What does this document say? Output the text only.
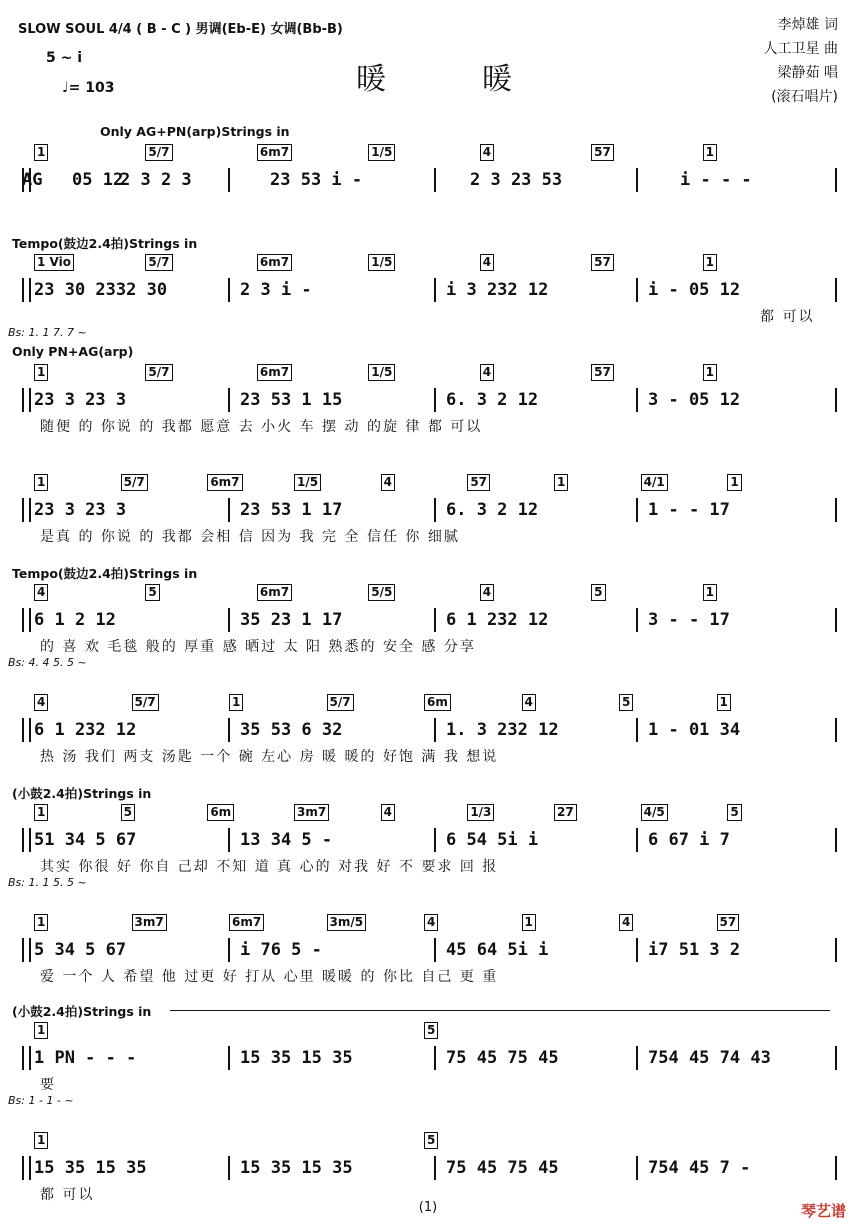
SLOW SOUL 4/4 ( B - C ) 男调(Eb-E) 女调(Bb-B)
5 ~ i
♩= 103	暖	暖
李焯雄 词
人工卫星 曲
梁静茹 唱
(滚石唱片)
Only AG+PN(arp)Strings in
1	5/7	6m7	1/5	4	57	1
AG 05 12
2 3 2 3	23 53 i -	2 3 23 53	i - - -
Tempo(鼓边2.4拍)Strings in
1 Vio	5/7	6m7	1/5	4	57	1
23 30 2332 30	2 3 i -	i 3 232 12	i - 05 12
都 可以
Bs: 1. 1 7. 7 ~
Only PN+AG(arp)
1	5/7	6m7	1/5	4	57	1
23 3 23 3	23 53 1 15	6. 3 2 12	3 - 05 12
随便 的 你说 的 我都 愿意 去 小火 车 摆 动 的旋 律 都 可以
1	5/7	6m7	1/5	4	57	1	4/1	1
23 3 23 3	23 53 1 17	6. 3 2 12	1 - - 17
是真 的 你说 的 我都 会相 信 因为 我 完 全 信任 你 细腻
Tempo(鼓边2.4拍)Strings in
4	5	6m7	5/5	4	5	1
6 1 2 12	35 23 1 17	6 1 232 12	3 - - 17
的 喜 欢 毛毯 般的 厚重 感 晒过 太 阳 熟悉的 安全 感 分享
Bs: 4. 4 5. 5 ~
4	5/7	1	5/7	6m	4	5	1
6 1 232 12	35 53 6 32	1. 3 232 12	1 - 01 34
热 汤 我们 两支 汤匙 一个 碗 左心 房 暖 暖的 好饱 满 我 想说
(小鼓2.4拍)Strings in
1	5	6m	3m7	4	1/3	27	4/5	5
51 34 5 67	13 34 5 -	6 54 5i i	6 67 i 7
其实 你很 好 你自 己却 不知 道 真 心的 对我 好 不 要求 回 报
Bs: 1. 1 5. 5 ~
1	3m7	6m7	3m/5	4	1	4	57
5 34 5 67	i 76 5 -	45 64 5i i	i7 51 3 2
爱 一个 人 希望 他 过更 好 打从 心里 暖暖 的 你比 自己 更 重
(小鼓2.4拍)Strings in
1	5
1 PN - - -	15 35 15 35	75 45 75 45	754 45 74 43
要
Bs: 1 - 1 - ~
1	5
15 35 15 35	15 35 15 35	75 45 75 45	754 45 7 -
都 可以
(1)	琴艺谱
